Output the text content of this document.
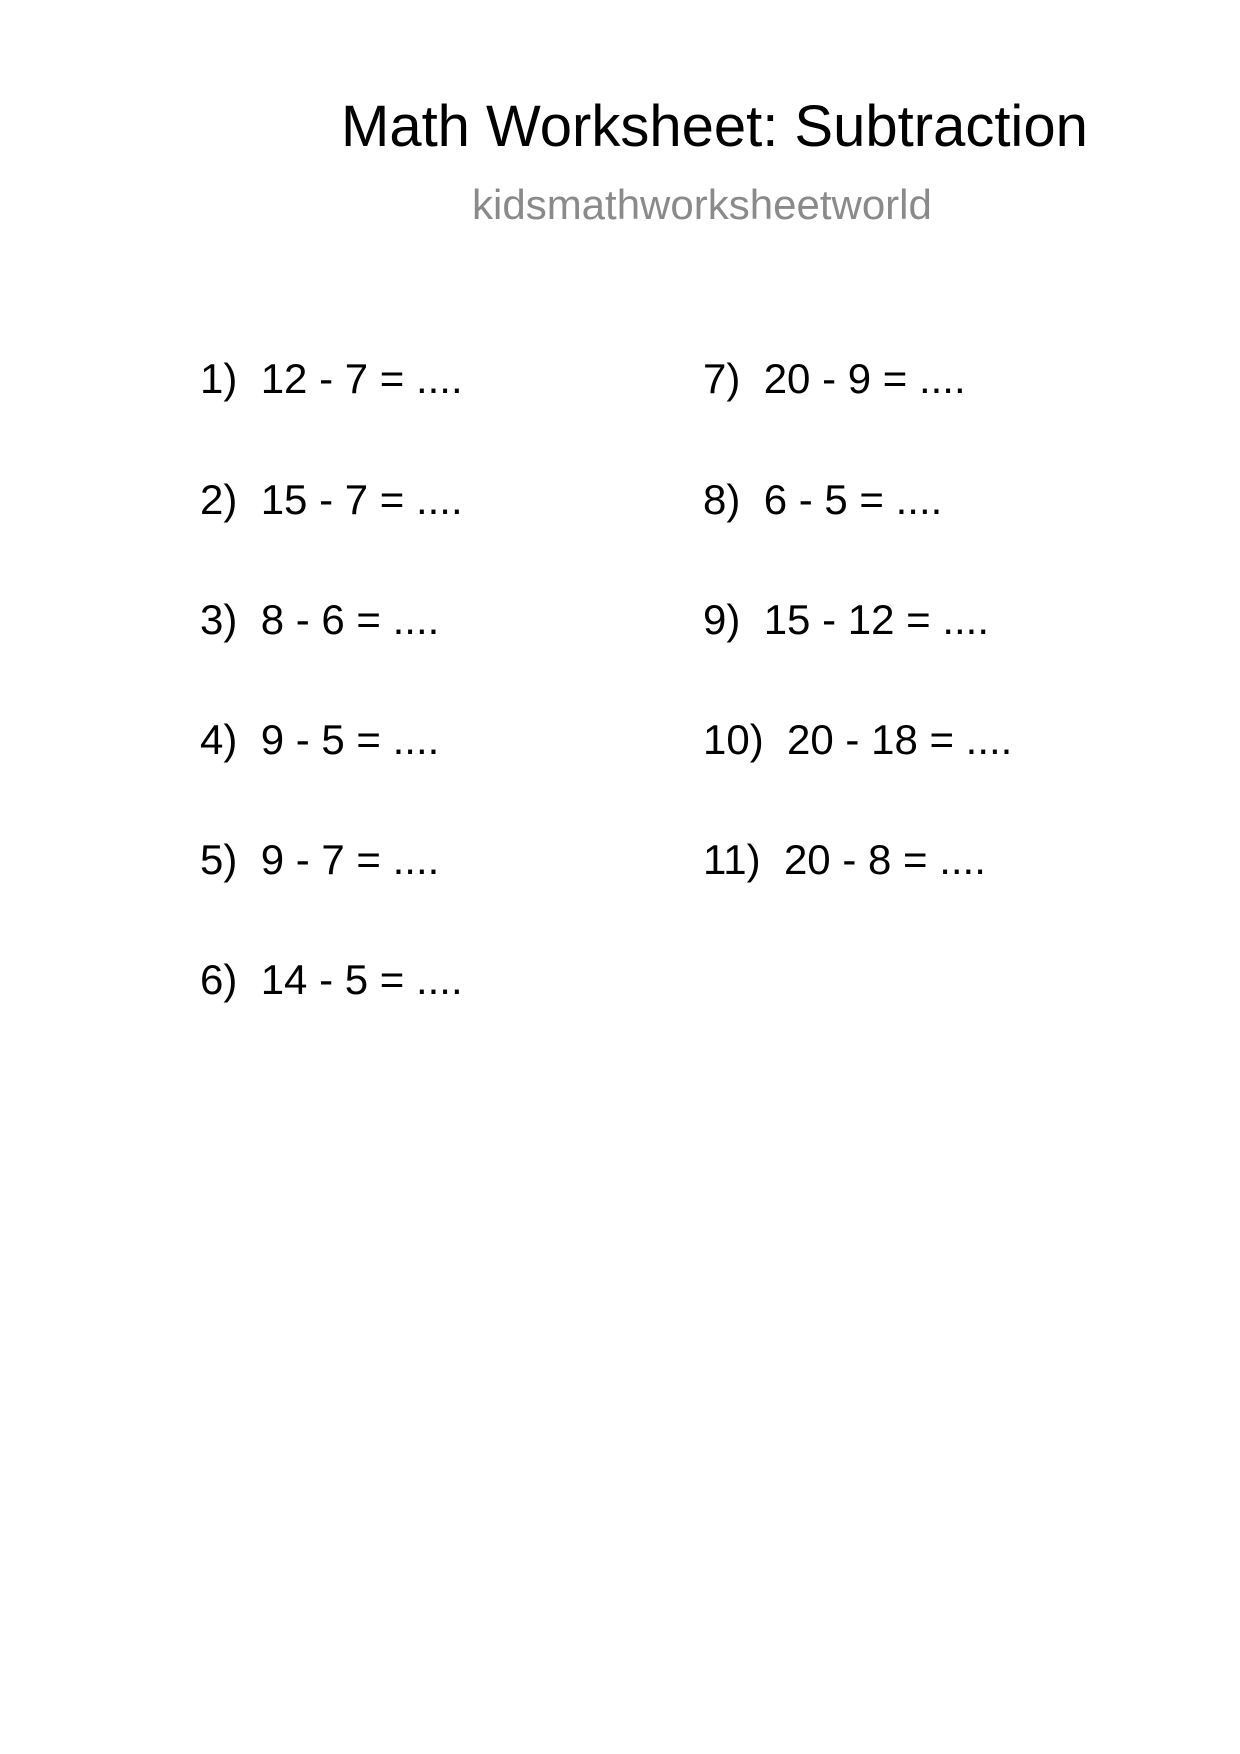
Math Worksheet: Subtraction
kidsmathworksheetworld
1) 12 - 7 = ....
2) 15 - 7 = ....
3) 8 - 6 = ....
4) 9 - 5 = ....
5) 9 - 7 = ....
6) 14 - 5 = ....
7) 20 - 9 = ....
8) 6 - 5 = ....
9) 15 - 12 = ....
10) 20 - 18 = ....
11) 20 - 8 = ....
